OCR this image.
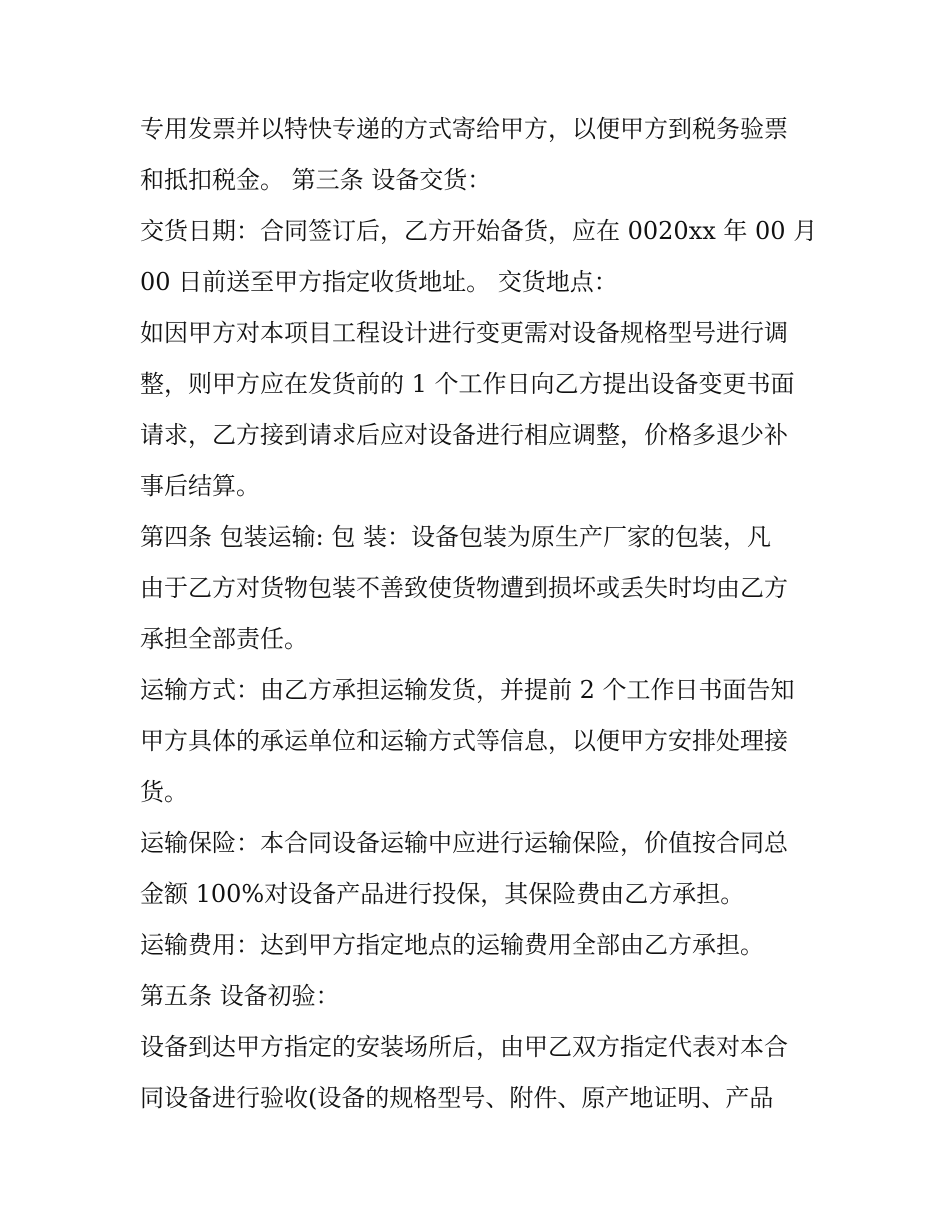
专用发票并以特快专递的方式寄给甲方，以便甲方到税务验票
和抵扣税金。 第三条 设备交货：
交货日期：合同签订后，乙方开始备货，应在 0020xx 年 00 月
00 日前送至甲方指定收货地址。 交货地点：
如因甲方对本项目工程设计进行变更需对设备规格型号进行调
整，则甲方应在发货前的 1 个工作日向乙方提出设备变更书面
请求，乙方接到请求后应对设备进行相应调整，价格多退少补
事后结算。
第四条 包装运输: 包 装：设备包装为原生产厂家的包装，凡
由于乙方对货物包装不善致使货物遭到损坏或丢失时均由乙方
承担全部责任。
运输方式：由乙方承担运输发货，并提前 2 个工作日书面告知
甲方具体的承运单位和运输方式等信息，以便甲方安排处理接
货。
运输保险：本合同设备运输中应进行运输保险，价值按合同总
金额 100%对设备产品进行投保，其保险费由乙方承担。
运输费用：达到甲方指定地点的运输费用全部由乙方承担。
第五条 设备初验：
设备到达甲方指定的安装场所后，由甲乙双方指定代表对本合
同设备进行验收(设备的规格型号、附件、原产地证明、产品
